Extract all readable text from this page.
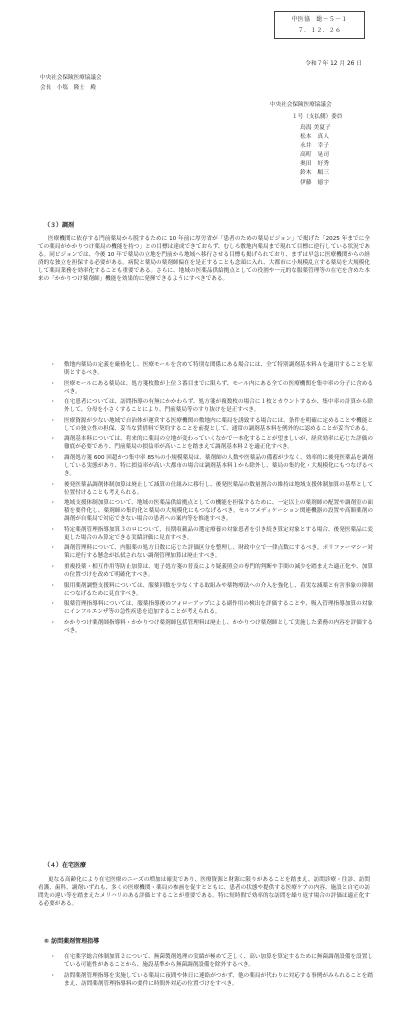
中医協　総－５－１
７．１２．２６
令和７年 12 月 26 日
中央社会保険医療協議会
会長　小塩　隆士　殿
中央社会保険医療協議会
１号（支払側）委員
鳥潟 美夏子
松本　真人
永井　幸子
高町　晃司
奥田　好秀
鈴木　順三
伊藤　徳宇
（３）調剤
医療機関に依存する門前薬局から脱するために 10 年前に厚労省が「患者のための薬局ビジョン」で掲げた「2025 年までに全ての薬局がかかりつけ薬局の機能を持つ」との目標は達成できておらず、むしろ敷地内薬局まで現れて目標に逆行している状況である。同ビジョンでは、今後 10 年で薬局の立地を門前から地域へ移行させる目標も掲げられており、まずは早急に医療機関からの経済的な独立を担保する必要がある。病院と薬局の薬剤師偏在を是正することも念頭に入れ、大都市に小規模乱立する薬局を大規模化して薬局業務を効率化することも重要である。さらに、地域の医薬品供給拠点としての役割や一元的な服薬管理等の在宅を含めた本来の「かかりつけ薬剤師」機能を効果的に発揮できるようにすべきである。
・ 敷地内薬局の定義を厳格化し、医療モールを含めて特別な関係にある場合には、全て特別調剤基本料Ａを適用することを原則とするべき。
・ 医療モールにある薬局は、処方箋枚数が上位３番目までに限らず、モール内にある全ての医療機関を集中率の分子に含めるべき。
・ 在宅患者については、訪問指導の有無にかかわらず、処方箋が複数枚の場合に１枚とカウントするか、集中率の計算から除外して、分母を小さくすることにより、門前薬局等のすり抜けを是正すべき。
・ 医療資源が少ない地域で自治体が運営する医療機関の敷地内に薬局を誘致する場合には、条件を明確に定めることや機能としての独立性の担保、妥当な賃借料で契約することを前提として、通常の調剤基本料を例外的に認めることが妥当である。
・ 調剤基本料については、将来的に薬局の立地が変わっていくなかで一本化することが望ましいが、経営効率に応じた評価の徹底が必要であり、門前薬局の損益率が高いことを踏まえて調剤基本料２を適正化すべき。
・ 調剤処方箋 600 回超かつ集中率 85％の小規模薬局は、薬剤師の人数や医薬品の備蓄が少なく、効率的に後発医薬品を調剤している実態があり、特に損益率が高い大都市の場合は調剤基本料１から除外し、薬局の集約化・大規模化にもつなげるべき。
・ 後発医薬品調剤体制加算は廃止して減算の仕組みに移行し、後発医薬品の数量割合の維持は地域支援体制加算の基準として位置付けることも考えられる。
・ 地域支援体制加算について、地域の医薬品供給拠点としての機能を担保するために、一定以上の薬剤師の配置や調剤室の面積を要件化し、薬剤師の集約化と薬局の大規模化にもつなげるべき。セルフメディケーション関連機器の設置や高額薬剤の調剤が自薬局で対応できない場合の患者への案内等を推進すべき。
・ 特定薬剤管理指導加算３のロについて、長期収載品の選定療養の対象患者を引き続き算定対象とする場合、後発医薬品に変更した場合のみ算定できる実績評価に見直すべき。
・ 調剤管理料について、内服薬の処方日数に応じた評価区分を整理し、財政中立で一律点数にするべき。ポリファーマシー対策に逆行する懸念が払拭されない調剤管理加算は廃止すべき。
・ 重複投薬・相互作用等防止加算は、電子処方箋の普及により疑義照会の専門的判断や手間の減少を踏まえた適正化や、加算の位置づけを改めて明確化すべき。
・ 服用薬剤調整支援料については、服薬回数を少なくする取組みや薬物療法への介入を強化し、着実な減薬と有害事象の抑制につなげるために見直すべき。
・ 服薬管理指導料については、服薬指導後のフォローアップによる副作用の検出を評価することや、吸入管理指導加算の対象にインフルエンザ等の急性疾患を追加することが考えられる。
・ かかりつけ薬剤師指導料・かかりつけ薬剤師包括管理料は廃止し、かかりつけ薬剤師として実施した業務の内容を評価するべき。
（４）在宅医療
更なる高齢化により在宅医療のニーズの増加は確実であり、医療資源と財源に限りがあることを踏まえ、訪問診療・往診、訪問看護、歯科、調剤いずれも、多くの医療機関・薬局の参画を促すとともに、患者の状態や提供する医療ケアの内容、施設と自宅の訪問先の違い等を踏まえたメリハリのある評価とすることが重要である。特に短時間で効率的な訪問を繰り返す場合の評価は適正化する必要がある。
⑤ 訪問薬剤管理指導
・ 在宅薬学総合体制加算２について、無菌製剤処理の実績が極めて乏しく、高い加算を算定するために無菌調剤設備を設置している可能性があることから、施設基準から無菌調剤設備を除外するべき。
・ 訪問薬剤管理指導を実施している薬局に夜間や休日に連絡がつかず、他の薬局が代わりに対応する事例がみられることを踏まえ、訪問薬剤管理指導料の要件に時間外対応の位置づけをすべき。
